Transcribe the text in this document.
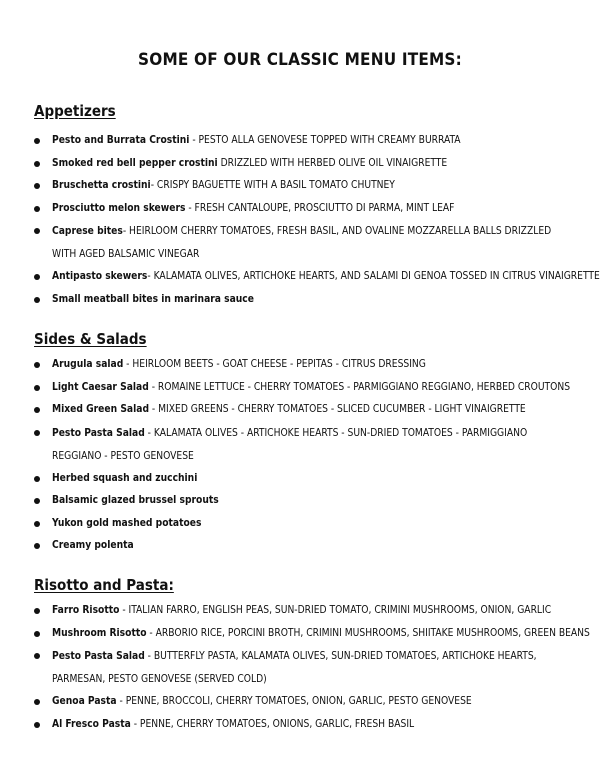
SOME OF OUR CLASSIC MENU ITEMS:
Appetizers
Pesto and Burrata Crostini - PESTO ALLA GENOVESE TOPPED WITH CREAMY BURRATA
Smoked red bell pepper crostini DRIZZLED WITH HERBED OLIVE OIL VINAIGRETTE
Bruschetta crostini- CRISPY BAGUETTE WITH A BASIL TOMATO CHUTNEY
Prosciutto melon skewers - FRESH CANTALOUPE, PROSCIUTTO DI PARMA, MINT LEAF
Caprese bites- HEIRLOOM CHERRY TOMATOES, FRESH BASIL, AND OVALINE MOZZARELLA BALLS DRIZZLED WITH AGED BALSAMIC VINEGAR
Antipasto skewers- KALAMATA OLIVES, ARTICHOKE HEARTS, AND SALAMI DI GENOA TOSSED IN CITRUS VINAIGRETTE
Small meatball bites in marinara sauce
Sides & Salads
Arugula salad - HEIRLOOM BEETS - GOAT CHEESE - PEPITAS - CITRUS DRESSING
Light Caesar Salad - ROMAINE LETTUCE - CHERRY TOMATOES - PARMIGGIANO REGGIANO, HERBED CROUTONS
Mixed Green Salad - MIXED GREENS - CHERRY TOMATOES - SLICED CUCUMBER - LIGHT VINAIGRETTE
Pesto Pasta Salad - KALAMATA OLIVES - ARTICHOKE HEARTS - SUN-DRIED TOMATOES - PARMIGGIANO REGGIANO - PESTO GENOVESE
Herbed squash and zucchini
Balsamic glazed brussel sprouts
Yukon gold mashed potatoes
Creamy polenta
Risotto and Pasta:
Farro Risotto - ITALIAN FARRO, ENGLISH PEAS, SUN-DRIED TOMATO, CRIMINI MUSHROOMS, ONION, GARLIC
Mushroom Risotto - ARBORIO RICE, PORCINI BROTH, CRIMINI MUSHROOMS, SHIITAKE MUSHROOMS, GREEN BEANS
Pesto Pasta Salad - BUTTERFLY PASTA, KALAMATA OLIVES, SUN-DRIED TOMATOES, ARTICHOKE HEARTS, PARMESAN, PESTO GENOVESE (SERVED COLD)
Genoa Pasta - PENNE, BROCCOLI, CHERRY TOMATOES, ONION, GARLIC, PESTO GENOVESE
Al Fresco Pasta - PENNE, CHERRY TOMATOES, ONIONS, GARLIC, FRESH BASIL
